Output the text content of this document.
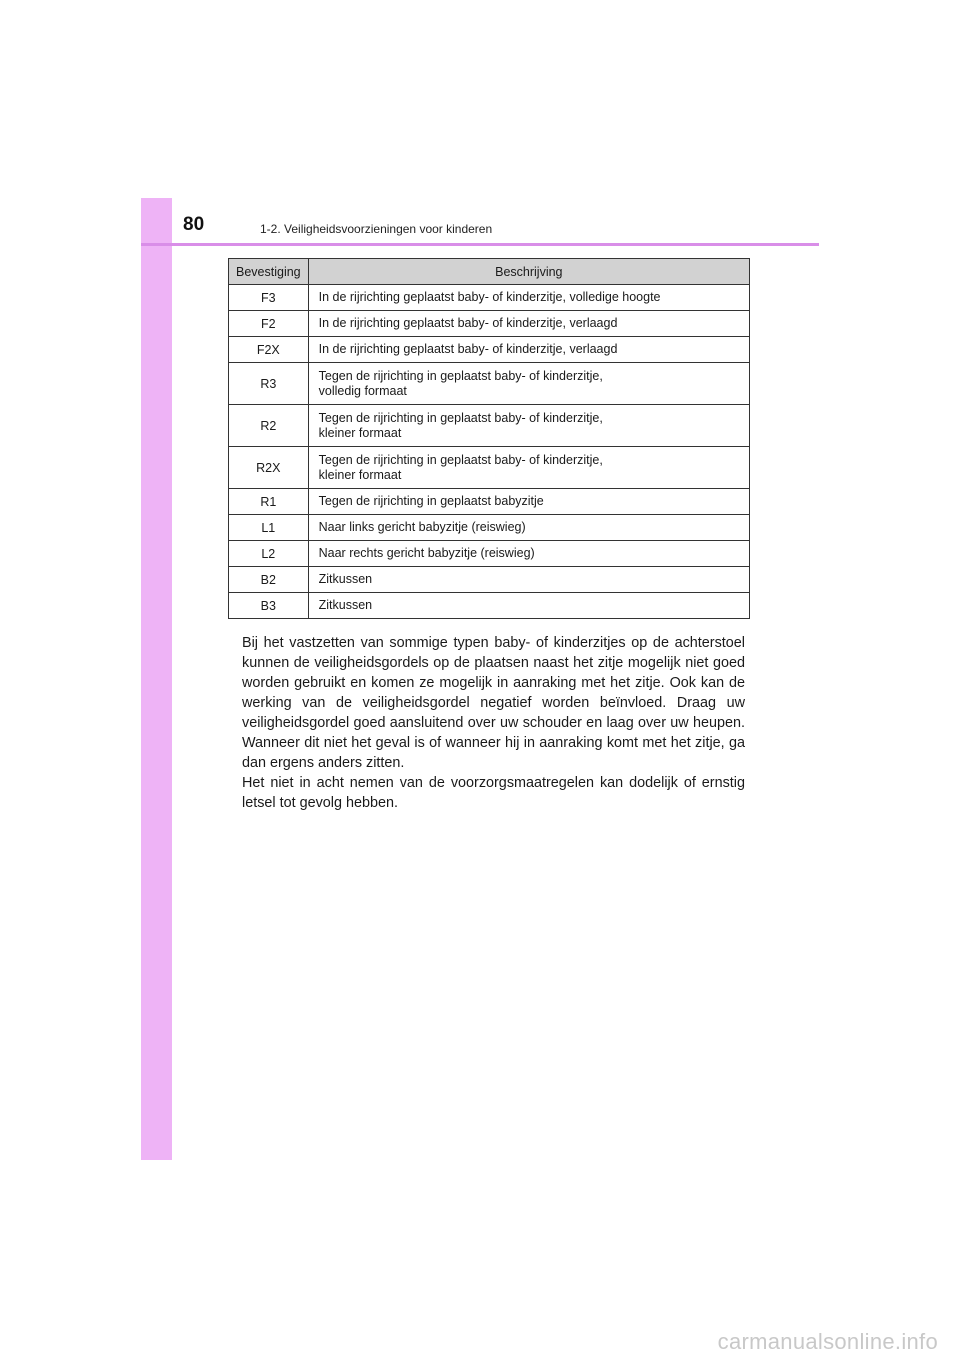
80	1-2. Veiligheidsvoorzieningen voor kinderen
Bevestiging	Beschrijving
F3	In de rijrichting geplaatst baby- of kinderzitje, volledige hoogte
F2	In de rijrichting geplaatst baby- of kinderzitje, verlaagd
F2X	In de rijrichting geplaatst baby- of kinderzitje, verlaagd
R3	Tegen de rijrichting in geplaatst baby- of kinderzitje,
volledig formaat
R2	Tegen de rijrichting in geplaatst baby- of kinderzitje,
kleiner formaat
R2X	Tegen de rijrichting in geplaatst baby- of kinderzitje,
kleiner formaat
R1	Tegen de rijrichting in geplaatst babyzitje
L1	Naar links gericht babyzitje (reiswieg)
L2	Naar rechts gericht babyzitje (reiswieg)
B2	Zitkussen
B3	Zitkussen

Bij het vastzetten van sommige typen baby- of kinderzitjes op de achterstoel kunnen de veiligheidsgordels op de plaatsen naast het zitje mogelijk niet goed worden gebruikt en komen ze mogelijk in aanraking met het zitje. Ook kan de werking van de veiligheidsgordel negatief worden beïnvloed. Draag uw veiligheidsgordel goed aansluitend over uw schouder en laag over uw heupen. Wanneer dit niet het geval is of wanneer hij in aanraking komt met het zitje, ga dan ergens anders zitten.

Het niet in acht nemen van de voorzorgsmaatregelen kan dodelijk of ernstig letsel tot gevolg hebben.

carmanualsonline.info
